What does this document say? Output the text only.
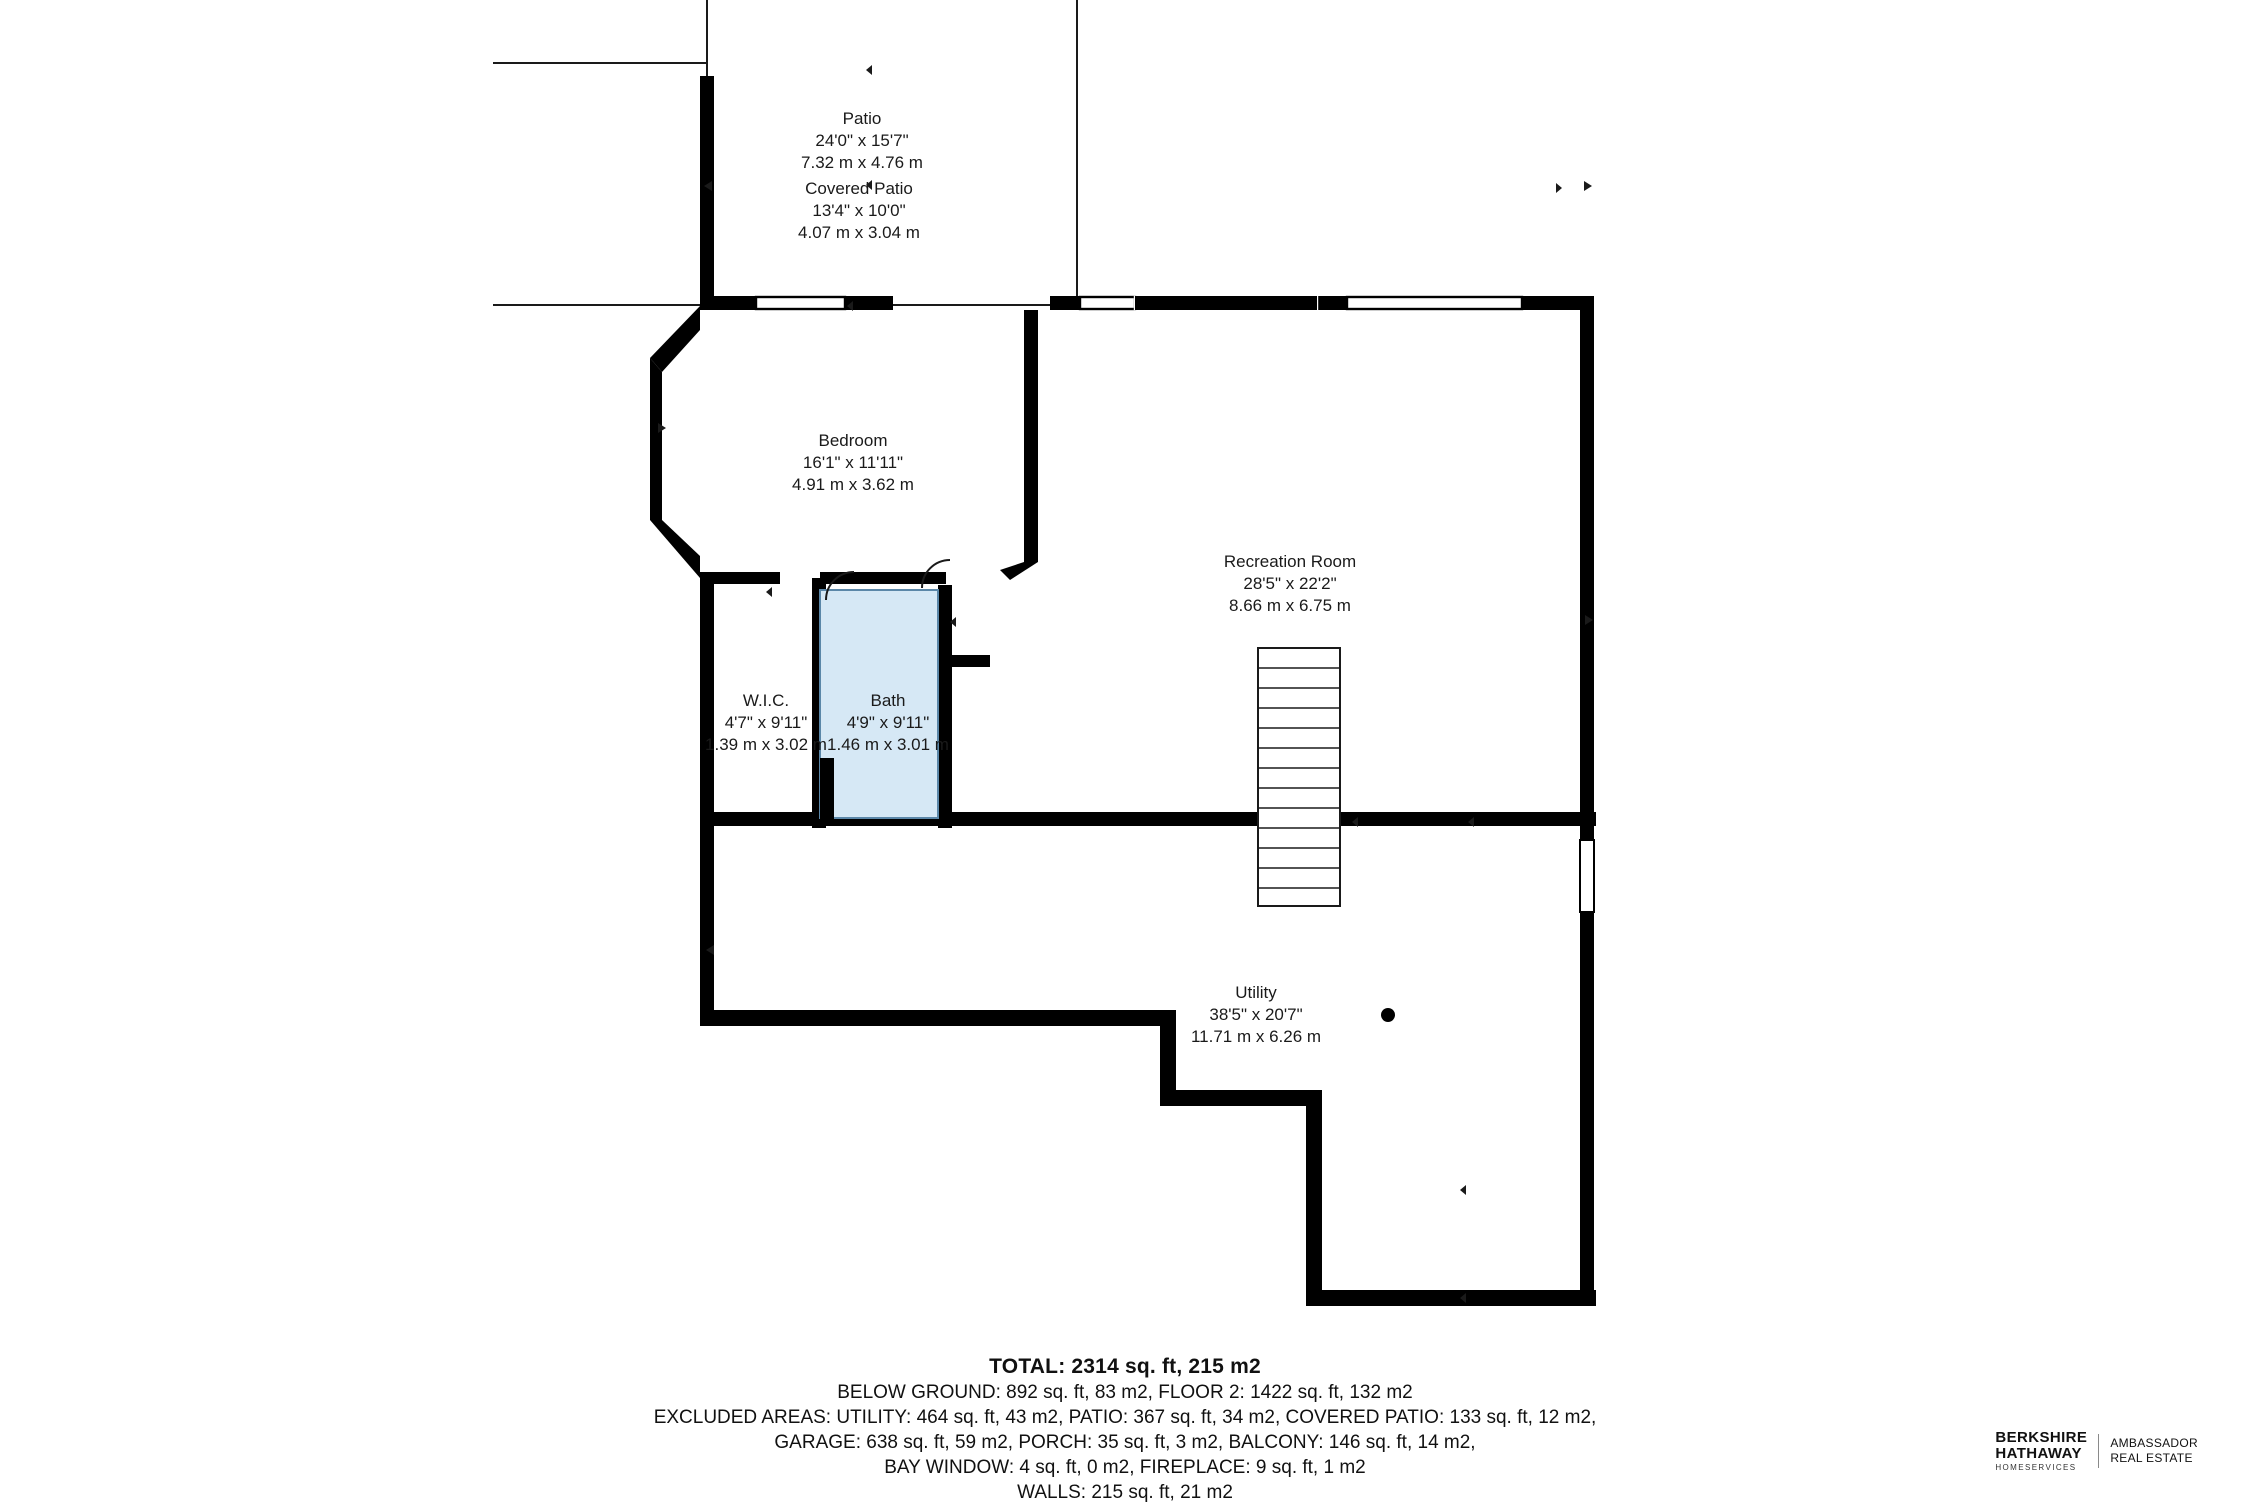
Patio
24'0" x 15'7"
7.32 m x 4.76 m
Covered Patio
13'4" x 10'0"
4.07 m x 3.04 m
Bedroom
16'1" x 11'11"
4.91 m x 3.62 m
Recreation Room
28'5" x 22'2"
8.66 m x 6.75 m
W.I.C.
4'7" x 9'11"
1.39 m x 3.02 m
Bath
4'9" x 9'11"
1.46 m x 3.01 m
Utility
38'5" x 20'7"
11.71 m x 6.26 m
TOTAL: 2314 sq. ft, 215 m2
BELOW GROUND: 892 sq. ft, 83 m2, FLOOR 2: 1422 sq. ft, 132 m2
EXCLUDED AREAS: UTILITY: 464 sq. ft, 43 m2, PATIO: 367 sq. ft, 34 m2, COVERED PATIO: 133 sq. ft, 12 m2,
GARAGE: 638 sq. ft, 59 m2, PORCH: 35 sq. ft, 3 m2, BALCONY: 146 sq. ft, 14 m2,
BAY WINDOW: 4 sq. ft, 0 m2, FIREPLACE: 9 sq. ft, 1 m2
WALLS: 215 sq. ft, 21 m2
BERKSHIRE
HATHAWAY
HOMESERVICES
AMBASSADOR
REAL ESTATE
